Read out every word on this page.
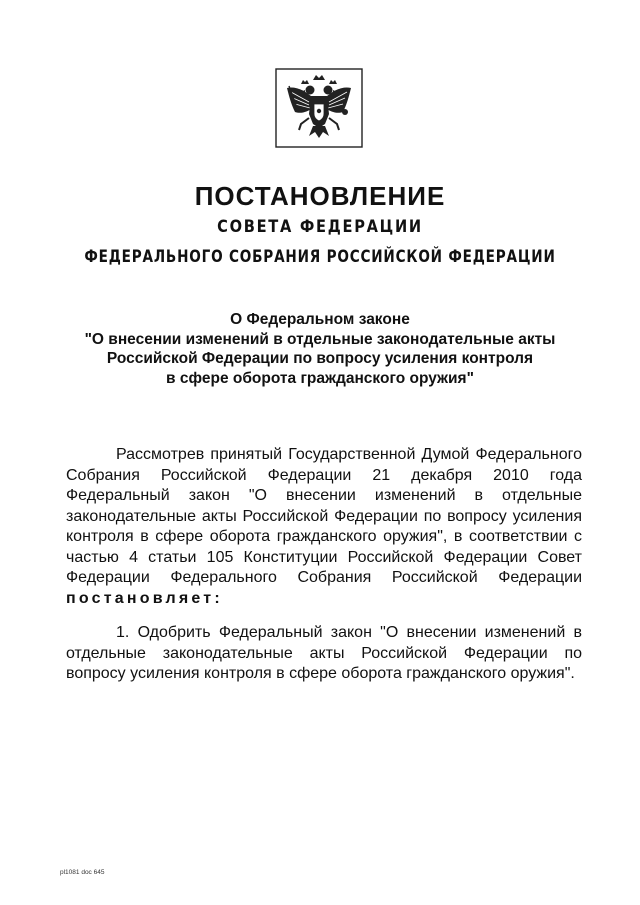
ПОСТАНОВЛЕНИЕ
СОВЕТА ФЕДЕРАЦИИ
ФЕДЕРАЛЬНОГО СОБРАНИЯ РОССИЙСКОЙ ФЕДЕРАЦИИ
О Федеральном законе
"О внесении изменений в отдельные законодательные акты
Российской Федерации по вопросу усиления контроля
в сфере оборота гражданского оружия"
Рассмотрев принятый Государственной Думой Федерального Собрания Российской Федерации 21 декабря 2010 года Федеральный закон "О внесении изменений в отдельные законодательные акты Российской Федерации по вопросу усиления контроля в сфере оборота гражданского оружия", в соответствии с частью 4 статьи 105 Конституции Российской Федерации Совет Федерации Федерального Собрания Российской Федерации постановляет:
1. Одобрить Федеральный закон "О внесении изменений в отдельные законодательные акты Российской Федерации по вопросу усиления контроля в сфере оборота гражданского оружия".
pl1081 doc 645
